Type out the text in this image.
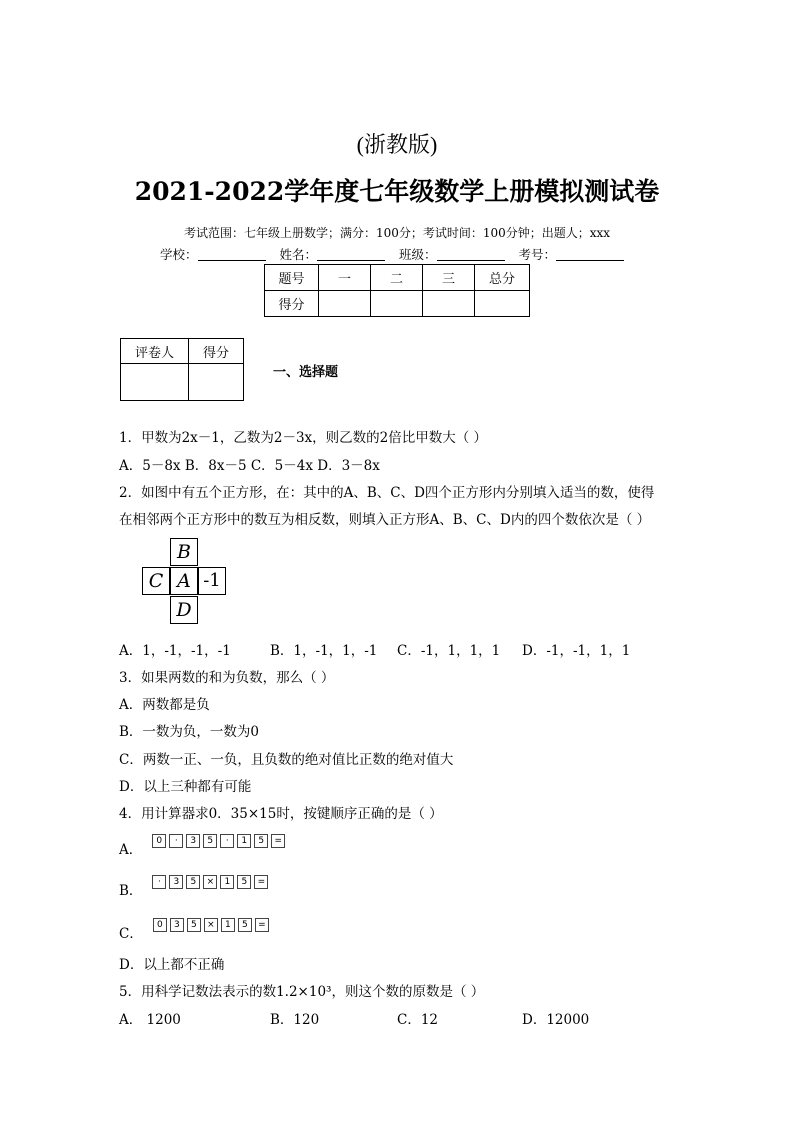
(浙教版)
2021-2022学年度七年级数学上册模拟测试卷
考试范围：七年级上册数学；满分：100分；考试时间：100分钟；出题人；xxx
学校：	姓名：	班级：	考号：
题号	一	二	三	总分
得分				
评卷人	得分

一、选择题
1．甲数为2x－1，乙数为2－3x，则乙数的2倍比甲数大（ ）
A．5－8x B．8x－5 C．5－4x D．3－8x
2．如图中有五个正方形，在：其中的A、B、C、D四个正方形内分别填入适当的数，使得
在相邻两个正方形中的数互为相反数，则填入正方形A、B、C、D内的四个数依次是（ ）
B
C A -1
D
A．1，-1，-1，-1	B．1，-1，1，-1 C．-1，1，1，1 D．-1，-1，1，1
3．如果两数的和为负数，那么（ ）
A．两数都是负
B．一数为负，一数为0
C．两数一正、一负，且负数的绝对值比正数的绝对值大
D．以上三种都有可能
4．用计算器求0．35×15时，按键顺序正确的是（ ）
A．
0	·	3	5	·	1	5	=
B．
·	3	5	×	1	5	=
C．
0	3	5	×	1	5	=
D．以上都不正确
5．用科学记数法表示的数1.2×10³，则这个数的原数是（ ）
A． 1200	B．120	C．12	D．12000
